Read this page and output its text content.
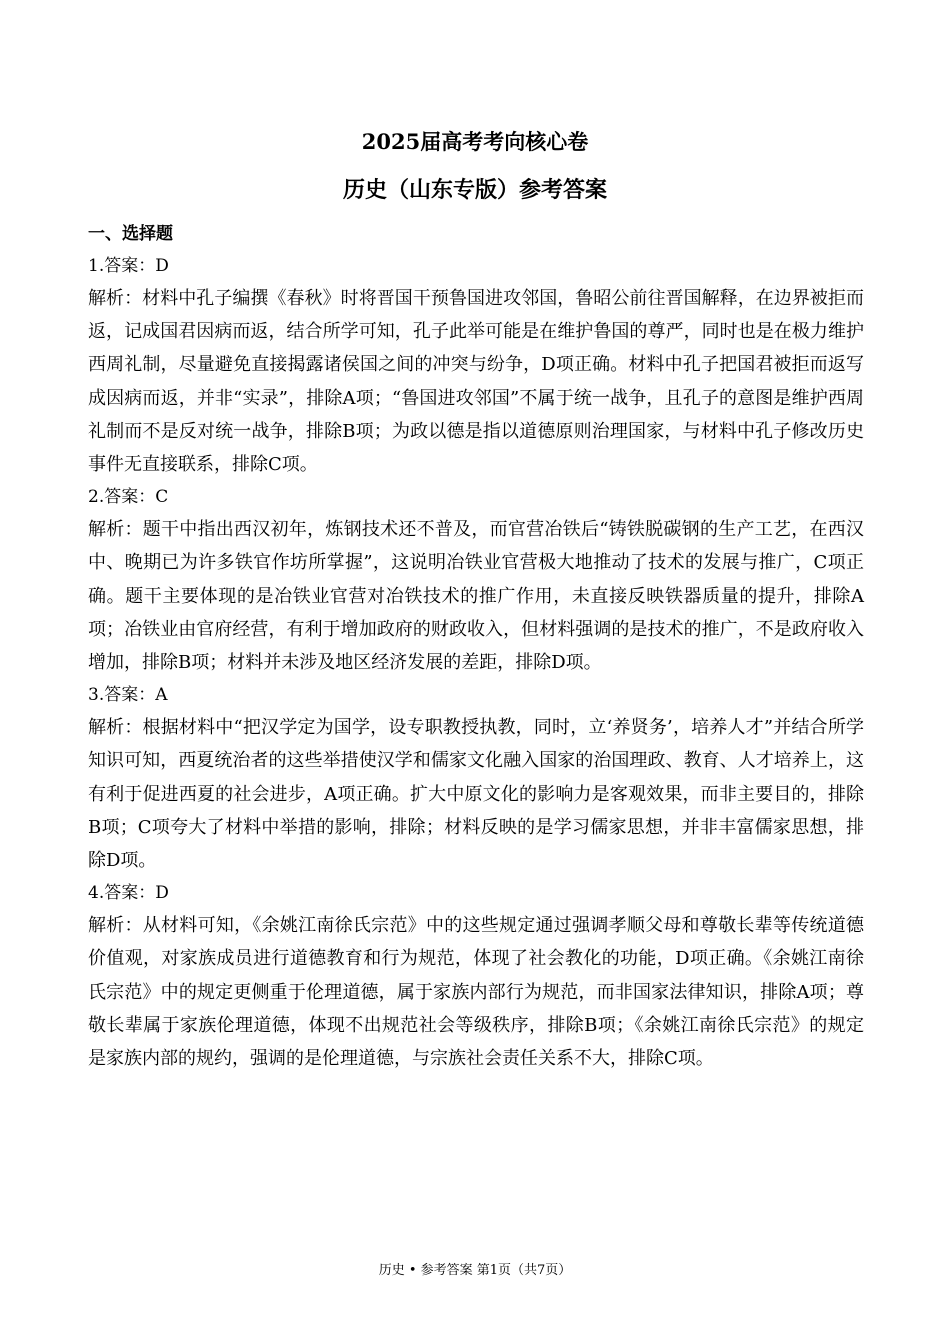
2025届高考考向核心卷
历史（山东专版）参考答案

一、选择题

1.答案：D

解析：材料中孔子编撰《春秋》时将晋国干预鲁国进攻邻国，鲁昭公前往晋国解释，在边界被拒而返，记成国君因病而返，结合所学可知，孔子此举可能是在维护鲁国的尊严，同时也是在极力维护西周礼制，尽量避免直接揭露诸侯国之间的冲突与纷争，D项正确。材料中孔子把国君被拒而返写成因病而返，并非“实录”，排除A项；“鲁国进攻邻国”不属于统一战争，且孔子的意图是维护西周礼制而不是反对统一战争，排除B项；为政以德是指以道德原则治理国家，与材料中孔子修改历史事件无直接联系，排除C项。

2.答案：C

解析：题干中指出西汉初年，炼钢技术还不普及，而官营冶铁后“铸铁脱碳钢的生产工艺，在西汉中、晚期已为许多铁官作坊所掌握”，这说明冶铁业官营极大地推动了技术的发展与推广，C项正确。题干主要体现的是冶铁业官营对冶铁技术的推广作用，未直接反映铁器质量的提升，排除A项；冶铁业由官府经营，有利于增加政府的财政收入，但材料强调的是技术的推广，不是政府收入增加，排除B项；材料并未涉及地区经济发展的差距，排除D项。

3.答案：A

解析：根据材料中“把汉学定为国学，设专职教授执教，同时，立‘养贤务’，培养人才”并结合所学知识可知，西夏统治者的这些举措使汉学和儒家文化融入国家的治国理政、教育、人才培养上，这有利于促进西夏的社会进步，A项正确。扩大中原文化的影响力是客观效果，而非主要目的，排除B项；C项夸大了材料中举措的影响，排除；材料反映的是学习儒家思想，并非丰富儒家思想，排除D项。

4.答案：D

解析：从材料可知，《余姚江南徐氏宗范》中的这些规定通过强调孝顺父母和尊敬长辈等传统道德价值观，对家族成员进行道德教育和行为规范，体现了社会教化的功能，D项正确。《余姚江南徐氏宗范》中的规定更侧重于伦理道德，属于家族内部行为规范，而非国家法律知识，排除A项；尊敬长辈属于家族伦理道德，体现不出规范社会等级秩序，排除B项；《余姚江南徐氏宗范》的规定是家族内部的规约，强调的是伦理道德，与宗族社会责任关系不大，排除C项。

历史 • 参考答案 第1页（共7页）
